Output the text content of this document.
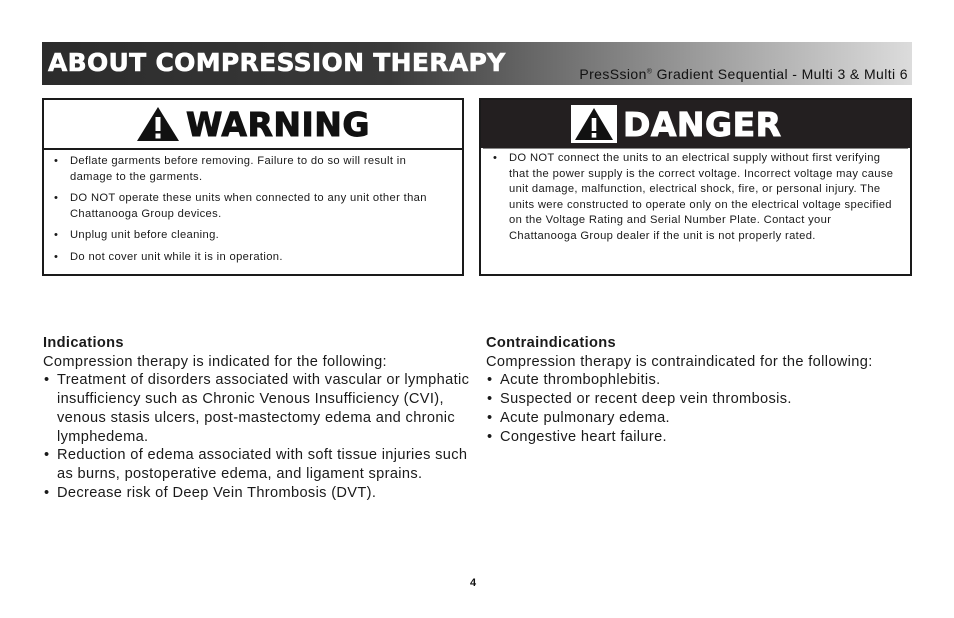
ABOUT COMPRESSION THERAPY	PresSsion® Gradient Sequential - Multi 3 & Multi 6
WARNING
• Deflate garments before removing. Failure to do so will result in damage to the garments.
• DO NOT operate these units when connected to any unit other than Chattanooga Group devices.
• Unplug unit before cleaning.
• Do not cover unit while it is in operation.
DANGER
• DO NOT connect the units to an electrical supply without first verifying that the power supply is the correct voltage. Incorrect voltage may cause unit damage, malfunction, electrical shock, fire, or personal injury. The units were constructed to operate only on the electrical voltage specified on the Voltage Rating and Serial Number Plate. Contact your Chattanooga Group dealer if the unit is not properly rated.
Indications
Compression therapy is indicated for the following:
• Treatment of disorders associated with vascular or lymphatic insufficiency such as Chronic Venous Insufficiency (CVI), venous stasis ulcers, post-mastectomy edema and chronic lymphedema.
• Reduction of edema associated with soft tissue injuries such as burns, postoperative edema, and ligament sprains.
• Decrease risk of Deep Vein Thrombosis (DVT).
Contraindications
Compression therapy is contraindicated for the following:
• Acute thrombophlebitis.
• Suspected or recent deep vein thrombosis.
• Acute pulmonary edema.
• Congestive heart failure.
4
